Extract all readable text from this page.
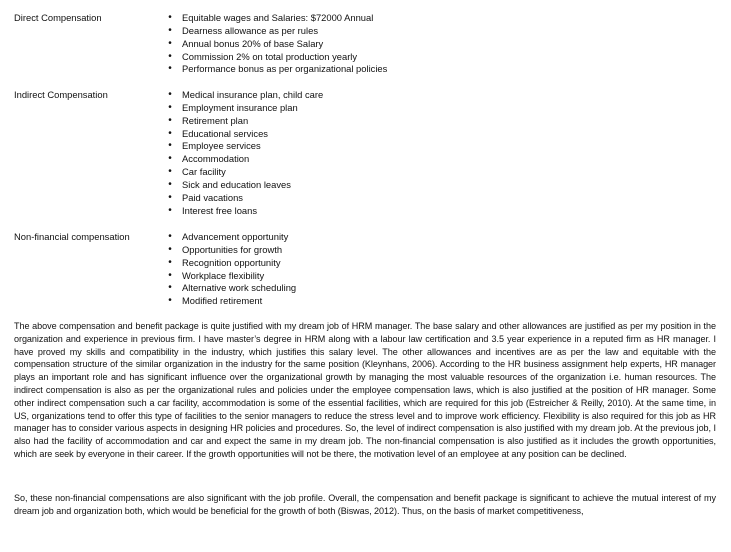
Direct Compensation	•	Equitable wages and Salaries: $72000 Annual
•	Dearness allowance as per rules
•	Annual bonus 20% of base Salary
•	Commission 2% on total production yearly
•	Performance bonus as per organizational policies
Indirect Compensation	•	Medical insurance plan, child care
•	Employment insurance plan
•	Retirement plan
•	Educational services
•	Employee services
•	Accommodation
•	Car facility
•	Sick and education leaves
•	Paid vacations
•	Interest free loans
Non-financial compensation	•	Advancement opportunity
•	Opportunities for growth
•	Recognition opportunity
•	Workplace flexibility
•	Alternative work scheduling
•	Modified retirement

The above compensation and benefit package is quite justified with my dream job of HRM manager. The base salary and other allowances are justified as per my position in the organization and experience in previous firm. I have master’s degree in HRM along with a labour law certification and 3.5 year experience in a reputed firm as HR manager. I have proved my skills and compatibility in the industry, which justifies this salary level. The other allowances and incentives are as per the law and equitable with the compensation structure of the similar organization in the industry for the same position (Kleynhans, 2006). According to the HR business assignment help experts, HR manager plays an important role and has significant influence over the organizational growth by managing the most valuable resources of the organization i.e. human resources. The indirect compensation is also as per the organizational rules and policies under the employee compensation laws, which is also justified at the position of HR manager. Some other indirect compensation such a car facility, accommodation is some of the essential facilities, which are required for this job (Estreicher & Reilly, 2010). At the same time, in US, organizations tend to offer this type of facilities to the senior managers to reduce the stress level and to improve work efficiency. Flexibility is also required for this job as HR manager has to consider various aspects in designing HR policies and procedures. So, the level of indirect compensation is also justified with my dream job. At the previous job, I also had the facility of accommodation and car and expect the same in my dream job. The non-financial compensation is also justified as it includes the growth opportunities, which are seek by everyone in their career. If the growth opportunities will not be there, the motivation level of an employee at any position can be declined.

So, these non-financial compensations are also significant with the job profile. Overall, the compensation and benefit package is significant to achieve the mutual interest of my dream job and organization both, which would be beneficial for the growth of both (Biswas, 2012). Thus, on the basis of market competitiveness,
